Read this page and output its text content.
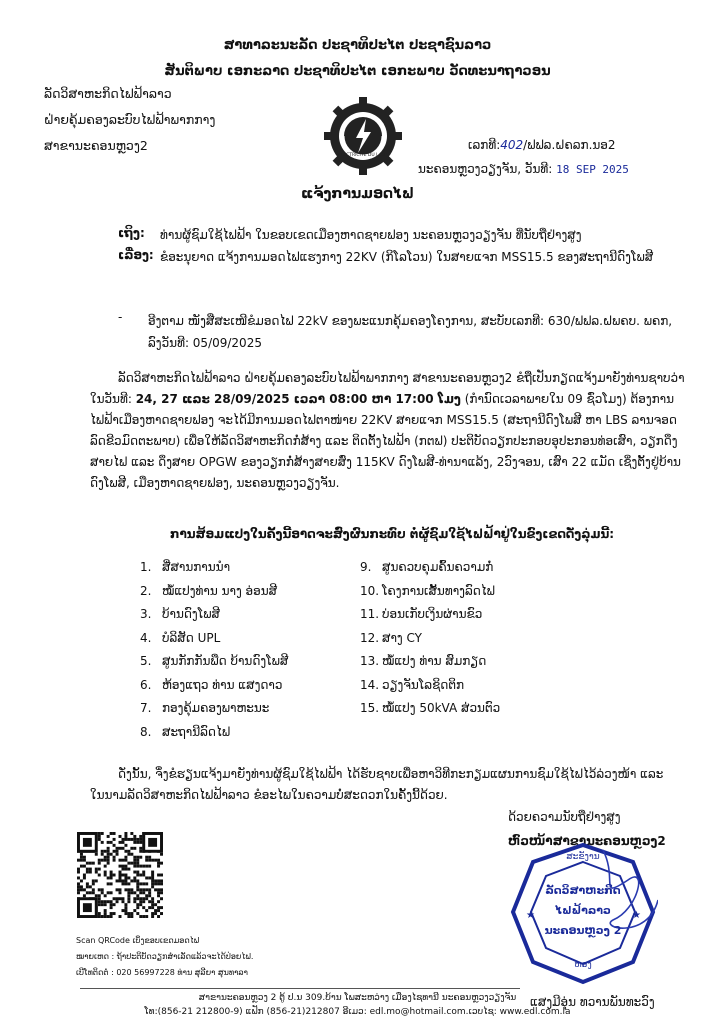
ສາທາລະນະລັດ ປະຊາທິປະໄຕ ປະຊາຊົນລາວ
ສັນຕິພາບ ເອກະລາດ ປະຊາທິປະໄຕ ເອກະພາບ ວັດທະນາຖາວອນ
ລັດວິສາຫະກິດໄຟຟ້າລາວ
ຝ່າຍຄຸ້ມຄອງລະບົບໄຟຟ້າພາກກາງ
ສາຂານະຄອນຫຼວງ2
ELECTRICITE DU LAOS
ເລກທີ:402/ຟຟລ.ຝຄລກ.ນອ2
ນະຄອນຫຼວງວຽງຈັນ, ວັນທີ: 18 SEP 2025
ແຈ້ງການມອດໄຟ
ເຖິງ: ທ່ານຜູ້ຊົມໃຊ້ໄຟຟ້າ ໃນຂອບເຂດເມືອງຫາດຊາຍຟອງ ນະຄອນຫຼວງວຽງຈັນ ທີ່ນັບຖືຢ່າງສູງ
ເລື່ອງ: ຂໍອະນຸຍາດ ແຈ້ງການມອດໄຟແຮງກາງ 22KV (ກິໂລໂວນ) ໃນສາຍແຈກ MSS15.5 ຂອງສະຖານີດົງໂພສີ
- ອີງຕາມ ໜັງສືສະເໜີຂໍມອດໄຟ 22kV ຂອງພະແນກຄຸ້ມຄອງໂຄງການ, ສະບັບເລກທີ: 630/ຟຟລ.ຝພຄບ. ພຄກ, ລົງວັນທີ: 05/09/2025
ລັດວິສາຫະກິດໄຟຟ້າລາວ ຝ່າຍຄຸ້ມຄອງລະບົບໄຟຟ້າພາກກາງ ສາຂານະຄອນຫຼວງ2 ຂໍຖືເປັນກຽດແຈ້ງມາຍັງທ່ານຊາບວ່າໃນວັນທີ: 24, 27 ແລະ 28/09/2025 ເວລາ 08:00 ຫາ 17:00 ໂມງ (ກຳນົດເວລາພາຍໃນ 09 ຊົ່ວໂມງ) ຕ້ອງການໄຟຟ້າເມືອງຫາດຊາຍຟອງ ຈະໄດ້ມີການມອດໄຟຕາໜ່າຍ 22KV ສາຍແຈກ MSS15.5 (ສະຖານີດົງໂພສີ ຫາ LBS ລານຈອດລົດຂີວມົດຕະພາບ) ເພື່ອໃຫ້ລັດວິສາຫະກິດກໍ່ສ້າງ ແລະ ຕິດຕັ້ງໄຟຟ້າ (ກຕຟ) ປະຕິບັດວຽກປະກອບອຸປະກອນທ່ອເສົາ, ວຽກດຶງສາຍໄຟ ແລະ ດຶງສາຍ OPGW ຂອງວຽກກໍ່ສ້າງສາຍສົ່ງ 115KV ດົງໂພສີ-ທ່ານາແລ້ງ, 2ວົງຈອນ, ເສົາ 22 ແມັດ ເຊິ່ງຕັ້ງຢູ່ບ້ານດົງໂພສີ, ເມືອງຫາດຊາຍຟອງ, ນະຄອນຫຼວງວຽງຈັນ.
ການສ້ອມແປງໃນຄັ້ງນີ້ອາດຈະສົ່ງຜົນກະທົບ ຕໍ່ຜູ້ຊົມໃຊ້ໄຟຟ້າຢູ່ໃນຂົງເຂດດັ່ງລຸ່ມນີ້:
1. ສີ່ສານການນໍາ
2. ໝໍ້ແປງທ່ານ ນາງ ອ່ອນສີ
3. ບ້ານດົງໂພສີ
4. ບໍລິສັດ UPL
5. ສູນກັກກັນພືດ ບ້ານດົງໂພສີ
6. ຫ້ອງແຖວ ທ່ານ ແສງດາວ
7. ກອງຄຸ້ມຄອງພາຫະນະ
8. ສະຖານີລົດໄຟ
9. ສູນຄວບຄຸມຄົ້ນຄວາມກໍ່
10. ໂຄງການເສັ້ນທາງລົດໄຟ
11. ບ່ອນເກັບເງິນຜ່ານຂົວ
12. ສາງ CY
13. ໝໍ້ແປງ ທ່ານ ສົມກຽດ
14. ວຽງຈັນໂລຊິດຕິກ
15. ໝໍ້ແປງ 50kVA ສ່ວນຕົວ
ດັ່ງນັ້ນ, ຈຶ່ງຂໍຮຽນແຈ້ງມາຍັງທ່ານຜູ້ຊົມໃຊ້ໄຟຟ້າ ໄດ້ຮັບຊາບເພື່ອຫາວິທີກະກຽມແຜນການຊົມໃຊ້ໄຟໄວ້ລ່ວງໜ້າ ແລະ ໃນນາມລັດວິສາຫະກິດໄຟຟ້າລາວ ຂໍອະໄພໃນຄວາມບໍ່ສະດວກໃນຄັ້ງນີ້ດ້ວຍ.
ດ້ວຍຄວາມນັບຖືຢ່າງສູງ
ຫົວໜ້າສາຂານະຄອນຫຼວງ2
★	★
ສະຂັງານ
ລັດວິສາຫະກິດ
ໄຟຟ້າລາວ
ນະຄອນຫຼວງ 2
ຫອງ
ແສງມີອຸ່ນ ທວານພັນທະວົງ
Scan QRCode ເບິ່ງຂອບເຂດມອດໄຟ
ໝາຍເຫດ : ຖ້າປະຕິບັດວຽກສຳເລັດແລ້ວຈະໄດ້ປ່ອຍໄຟ.
ເບີໂທຕິດຕໍ່ : 020 56997228 ທ່ານ ສຸລີຍາ ສຸນທາລາ
ສາຂານະຄອນຫຼວງ 2 ຕູ້ ປ.ນ 309.ບ້ານ ໂພສະຫວ່າງ ເມືອງໄຊທານີ ນະຄອນຫຼວງວຽງຈັນ
ໂທ:(856-21 212800-9) ແຟັກ (856-21)212807 ອີເມວ: edl.mo@hotmail.com.ເວບໄຊ: www.edl.com.la
